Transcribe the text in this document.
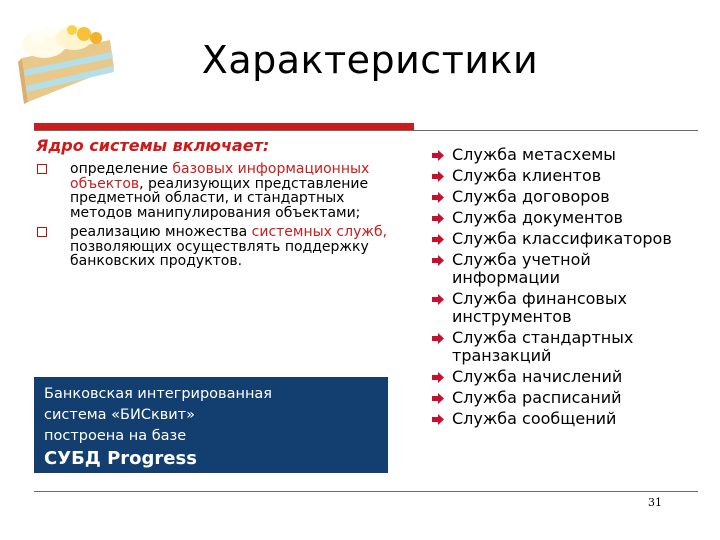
Характеристики
Ядро системы включает:
определение базовых информационных объектов, реализующих представление предметной области, и стандартных методов манипулирования объектами;
реализацию множества системных служб, позволяющих осуществлять поддержку банковских продуктов.
Банковская интегрированная
система «БИСквит»
построена на базе
СУБД Progress
Служба метасхемы
Служба клиентов
Служба договоров
Служба документов
Служба классификаторов
Служба учетной информации
Служба финансовых инструментов
Служба стандартных транзакций
Служба начислений
Служба расписаний
Служба сообщений
31
